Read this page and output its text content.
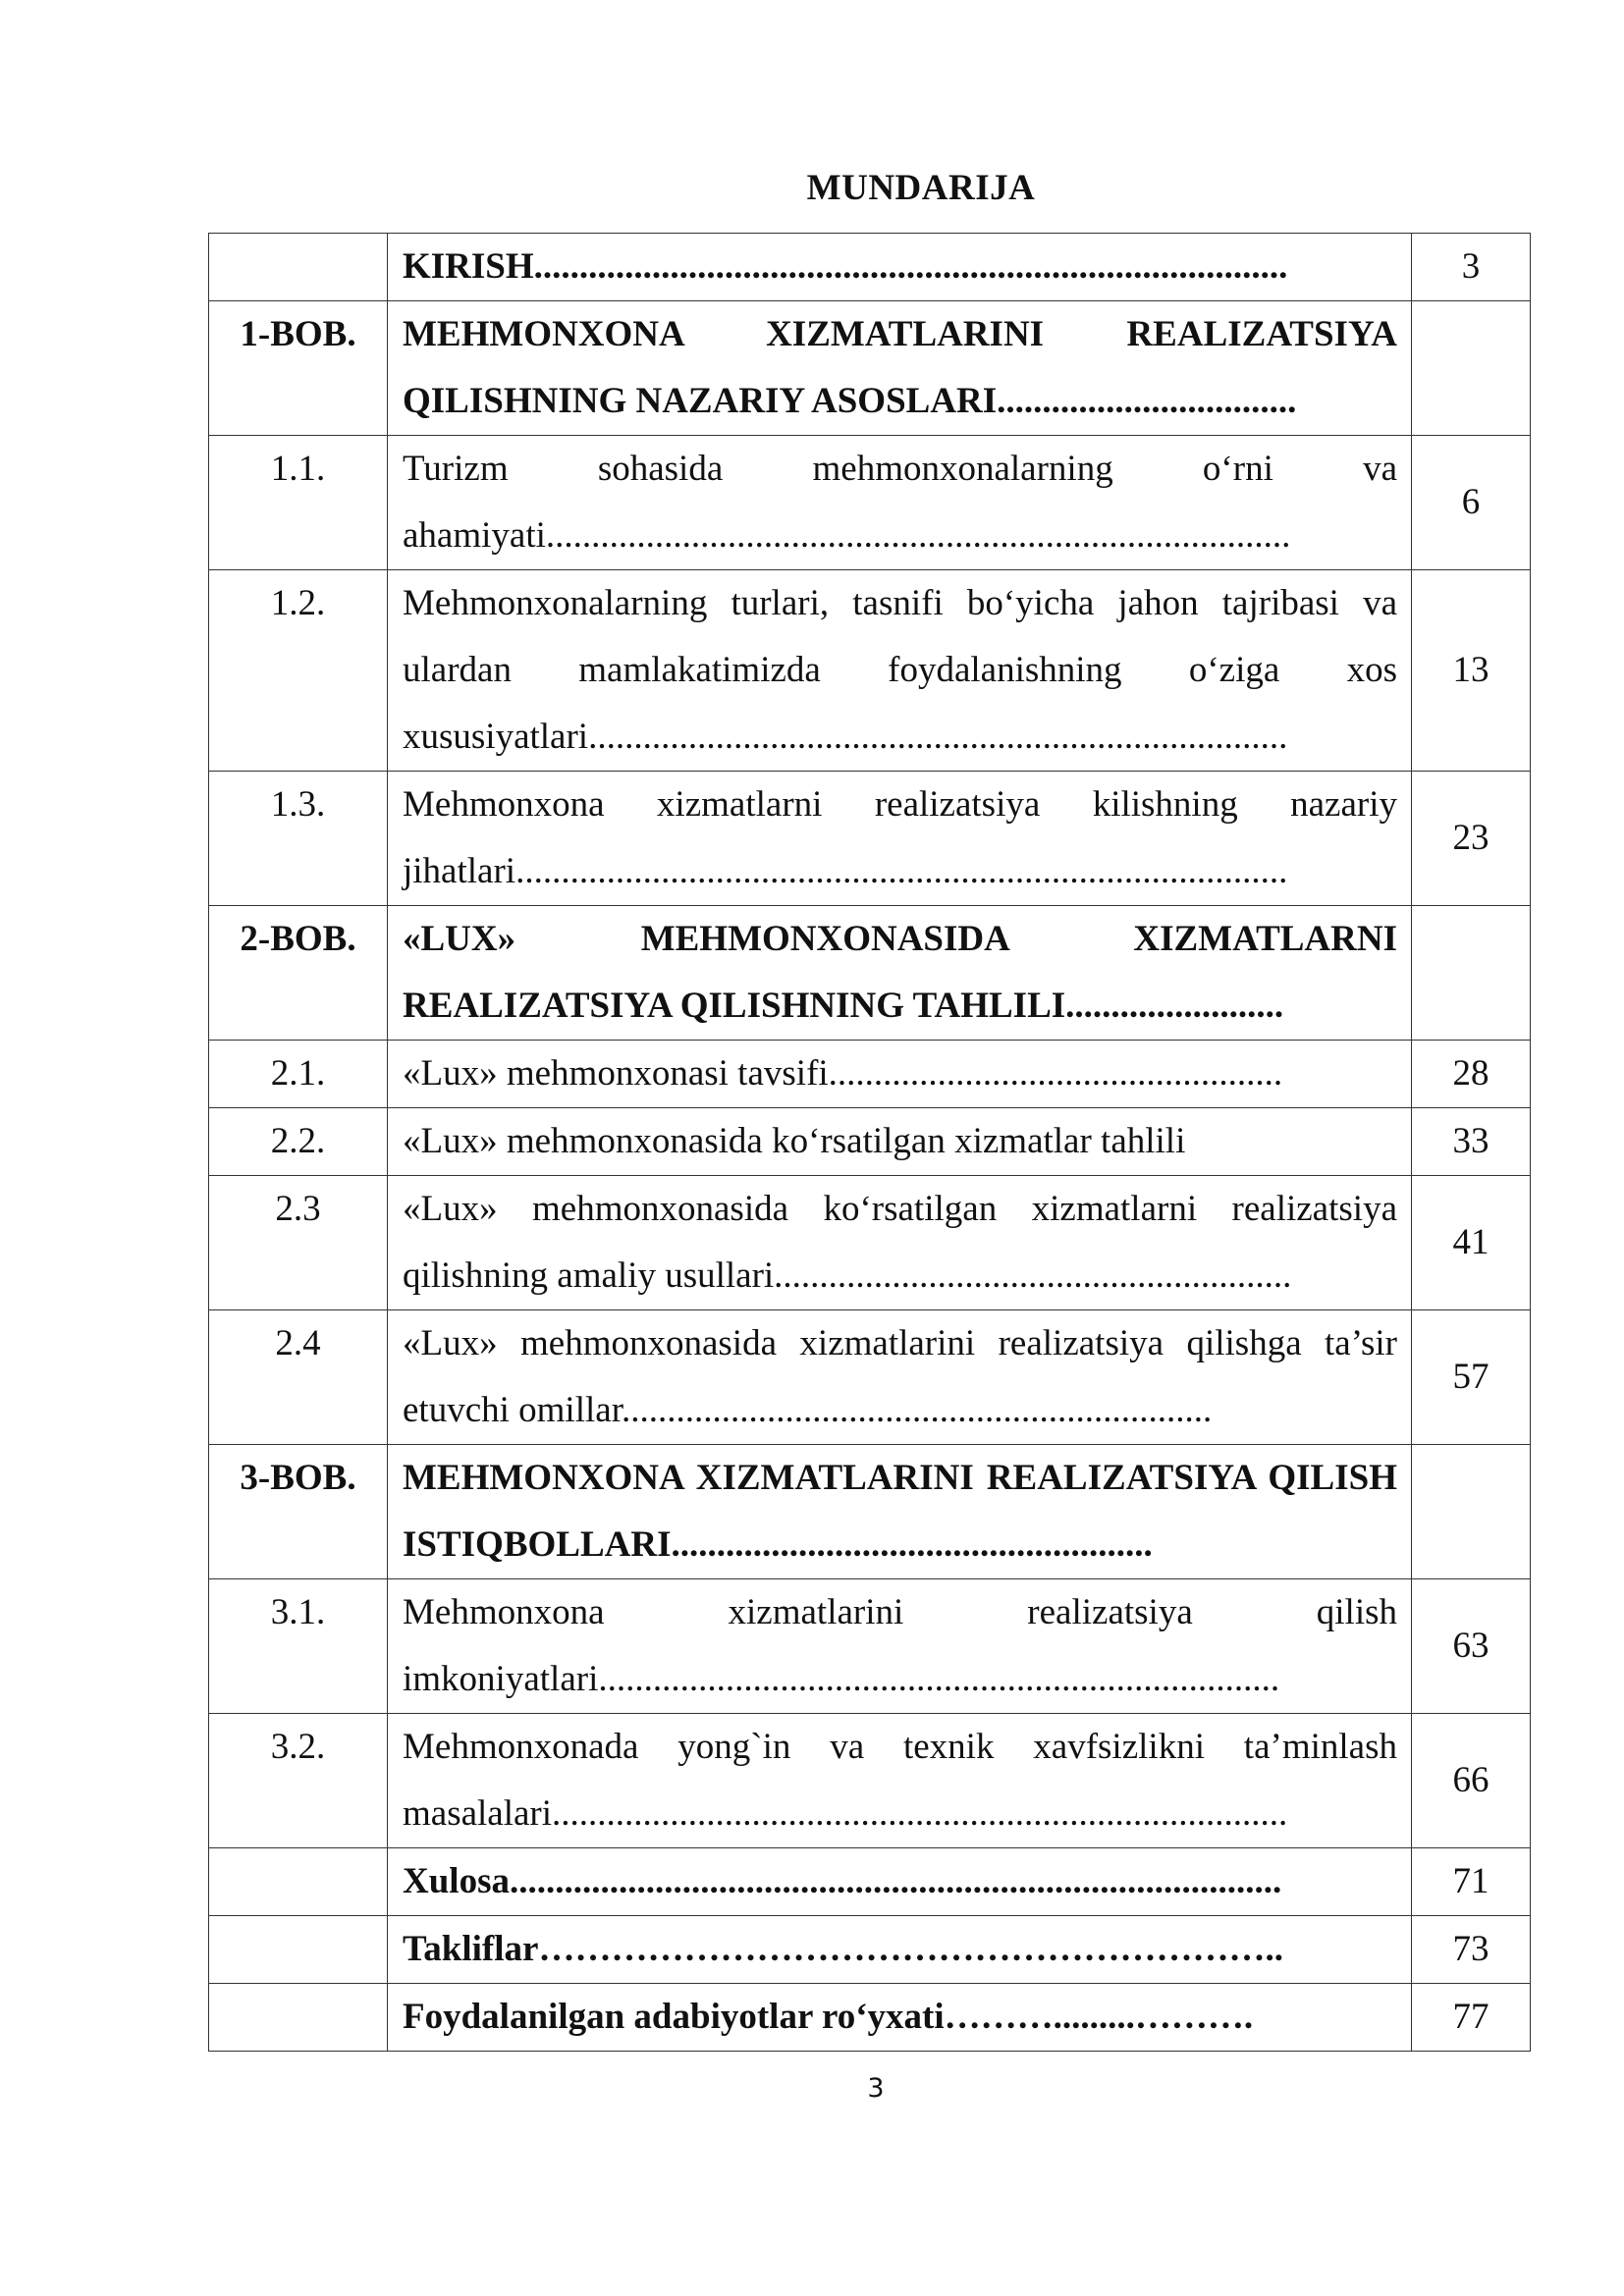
MUNDARIJA
	KIRISH...................................................................................	3
1-BOB.	MEHMONXONA XIZMATLARINI REALIZATSIYA QILISHNING NAZARIY ASOSLARI.................................	
1.1.	Turizm sohasida mehmonxonalarning o‘rni va ahamiyati..................................................................................	6
1.2.	Mehmonxonalarning turlari, tasnifi bo‘yicha jahon tajribasi va ulardan mamlakatimizda foydalanishning o‘ziga xos xususiyatlari.............................................................................	13
1.3.	Mehmonxona xizmatlarni realizatsiya kilishning nazariy jihatlari.....................................................................................	23
2-BOB.	«LUX» MEHMONXONASIDA XIZMATLARNI REALIZATSIYA QILISHNING TAHLILI........................	
2.1.	«Lux» mehmonxonasi tavsifi..................................................	28
2.2.	«Lux» mehmonxonasida ko‘rsatilgan xizmatlar tahlili	33
2.3	«Lux» mehmonxonasida ko‘rsatilgan xizmatlarni realizatsiya qilishning amaliy usullari.........................................................	41
2.4	«Lux» mehmonxonasida xizmatlarini realizatsiya qilishga ta’sir etuvchi omillar.................................................................	57
3-BOB.	MEHMONXONA XIZMATLARINI REALIZATSIYA QILISH ISTIQBOLLARI.....................................................	
3.1.	Mehmonxona xizmatlarini realizatsiya qilish imkoniyatlari...........................................................................	63
3.2.	Mehmonxonada yong`in va texnik xavfsizlikni ta’minlash masalalari.................................................................................	66
	Xulosa.....................................................................................	71
	Takliflar……………………………………………………..	73
	Foydalanilgan adabiyotlar ro‘yxati……….........……….	77
3
